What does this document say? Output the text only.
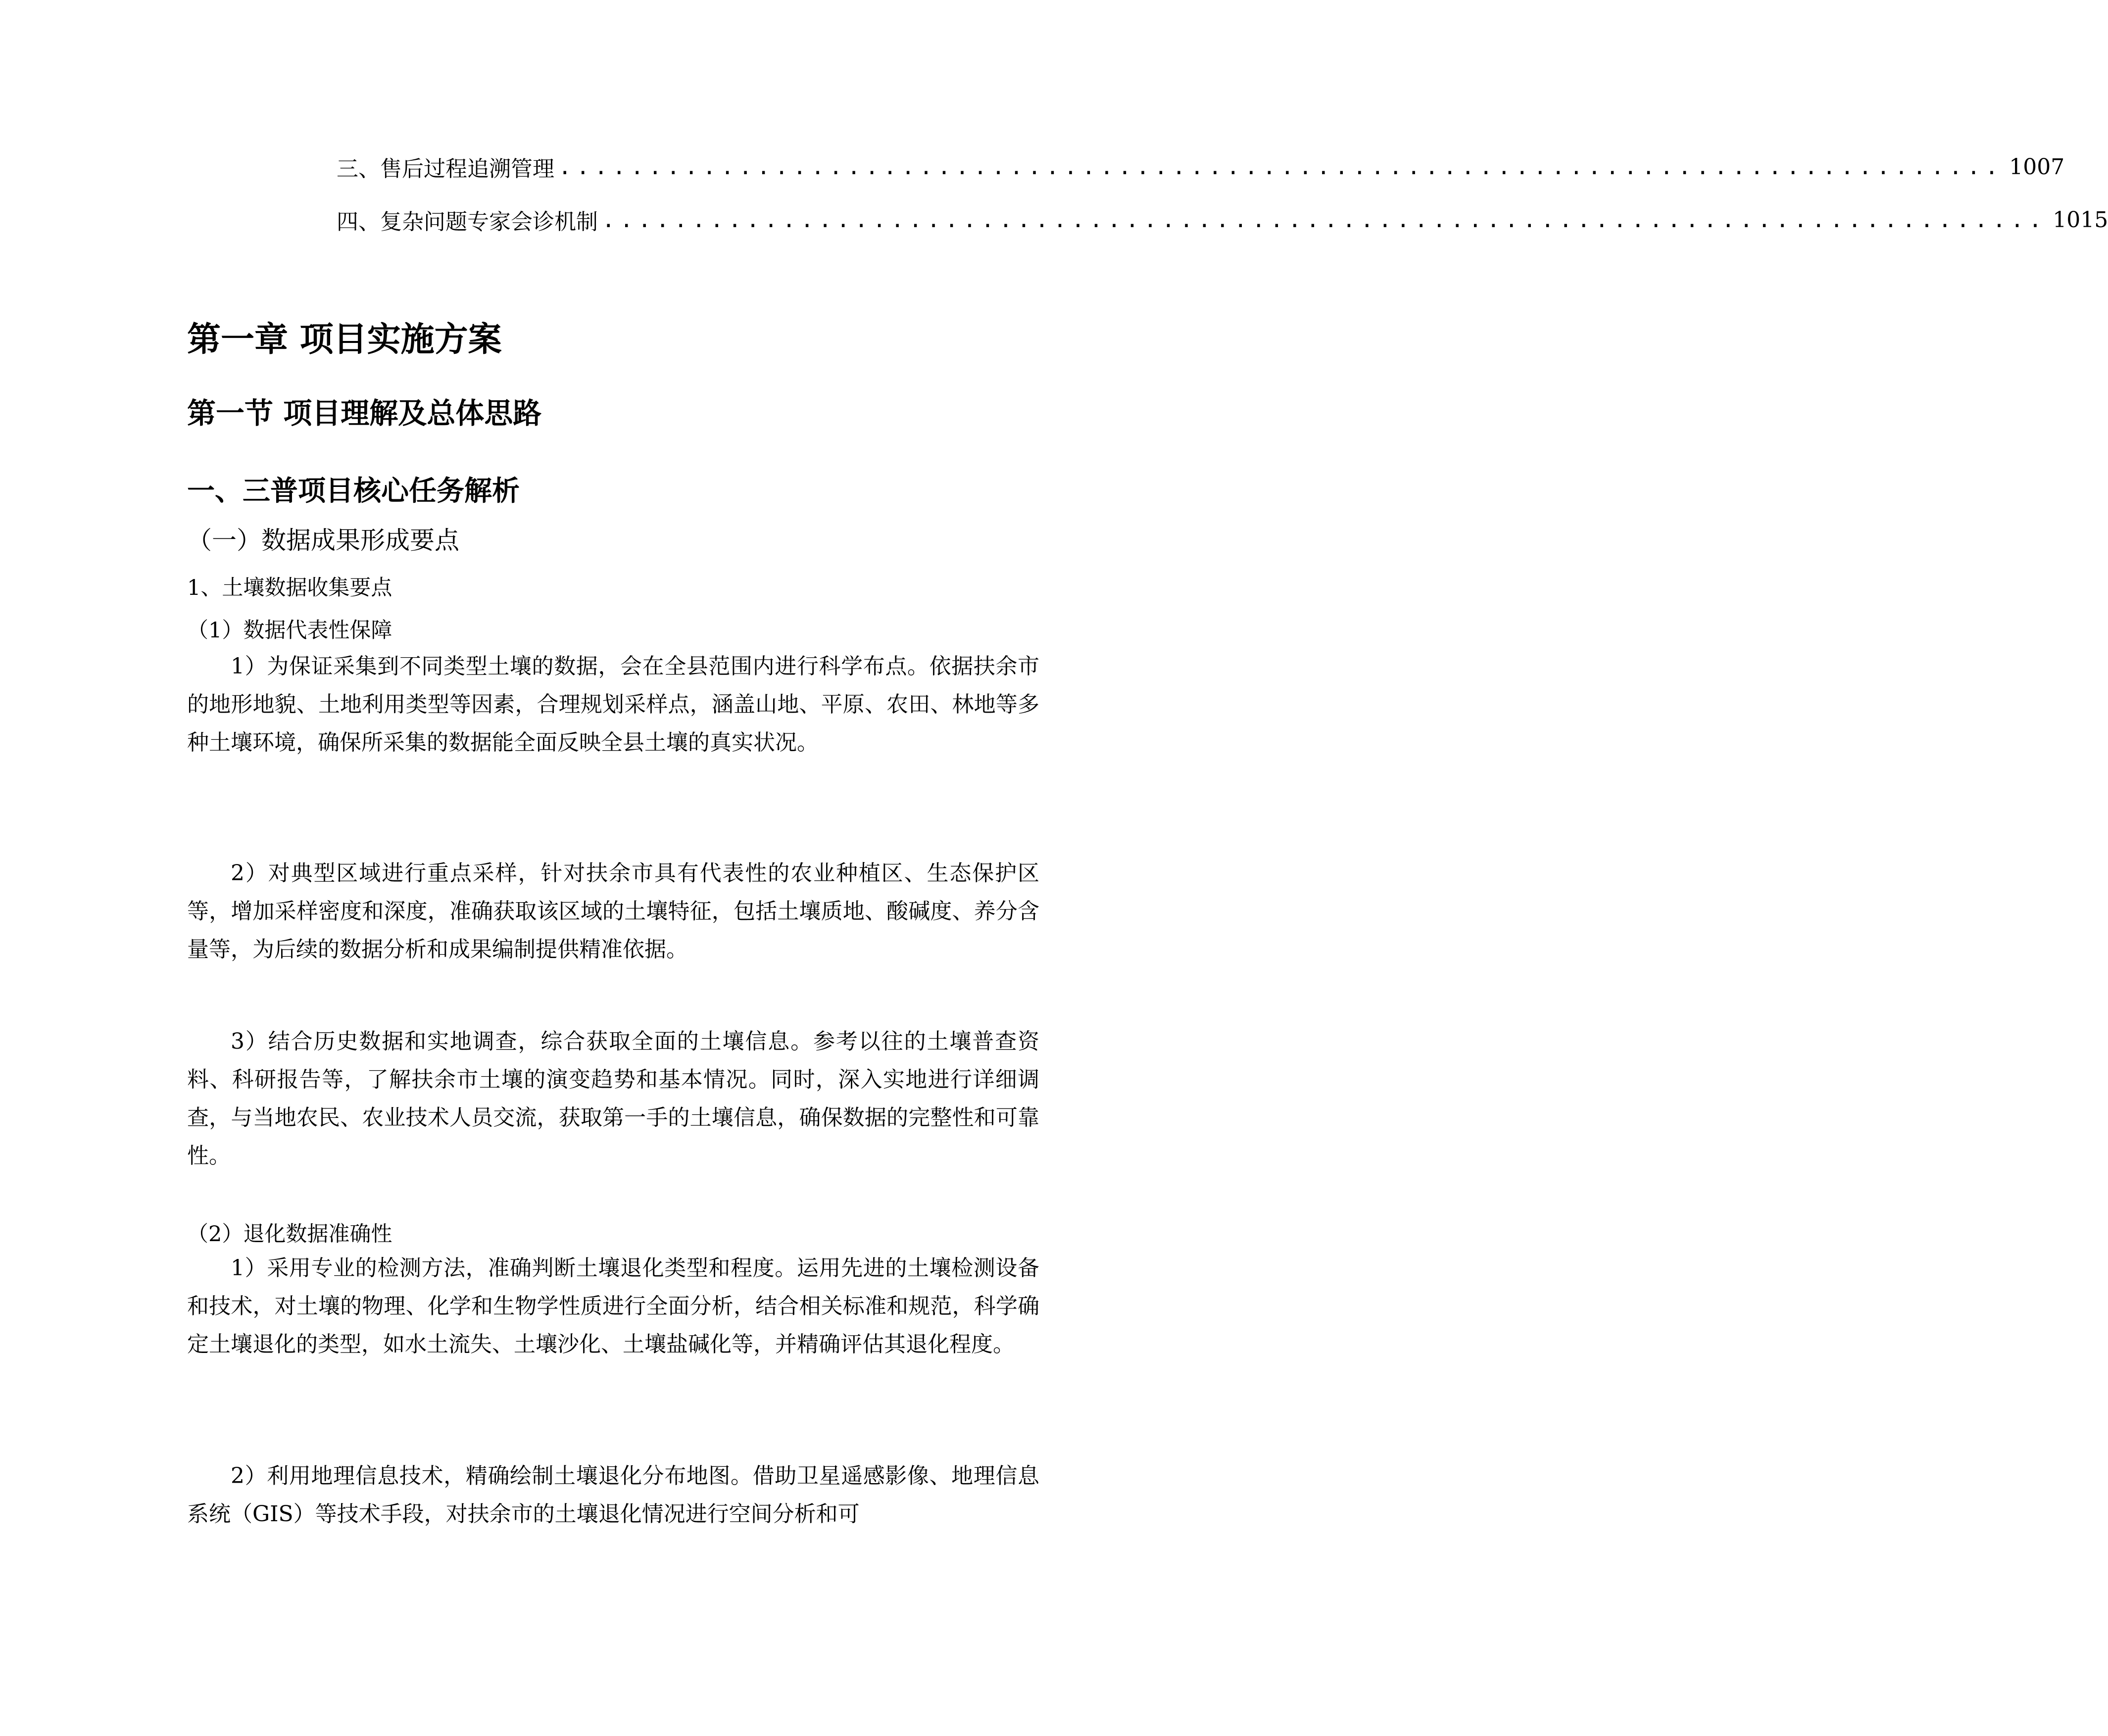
三、 售后过程追溯管理 ................................................................................ 1007
四、 复杂问题专家会诊机制 ................................................................................ 1015
第一章 项目实施方案
第一节 项目理解及总体思路
一、三普项目核心任务解析
（一）数据成果形成要点
1、土壤数据收集要点
（1）数据代表性保障

1）为保证采集到不同类型土壤的数据，会在全县范围内进行科学布点。依据扶余市的地形地貌、土地利用类型等因素，合理规划采样点，涵盖山地、平原、农田、林地等多种土壤环境，确保所采集的数据能全面反映全县土壤的真实状况。

2）对典型区域进行重点采样，针对扶余市具有代表性的农业种植区、生态保护区等，增加采样密度和深度，准确获取该区域的土壤特征，包括土壤质地、酸碱度、养分含量等，为后续的数据分析和成果编制提供精准依据。

3）结合历史数据和实地调查，综合获取全面的土壤信息。参考以往的土壤普查资料、科研报告等，了解扶余市土壤的演变趋势和基本情况。同时，深入实地进行详细调查，与当地农民、农业技术人员交流，获取第一手的土壤信息，确保数据的完整性和可靠性。

（2）退化数据准确性

1）采用专业的检测方法，准确判断土壤退化类型和程度。运用先进的土壤检测设备和技术，对土壤的物理、化学和生物学性质进行全面分析，结合相关标准和规范，科学确定土壤退化的类型，如水土流失、土壤沙化、土壤盐碱化等，并精确评估其退化程度。

2）利用地理信息技术，精确绘制土壤退化分布地图。借助卫星遥感影像、地理信息系统（GIS）等技术手段，对扶余市的土壤退化情况进行空间分析和可
